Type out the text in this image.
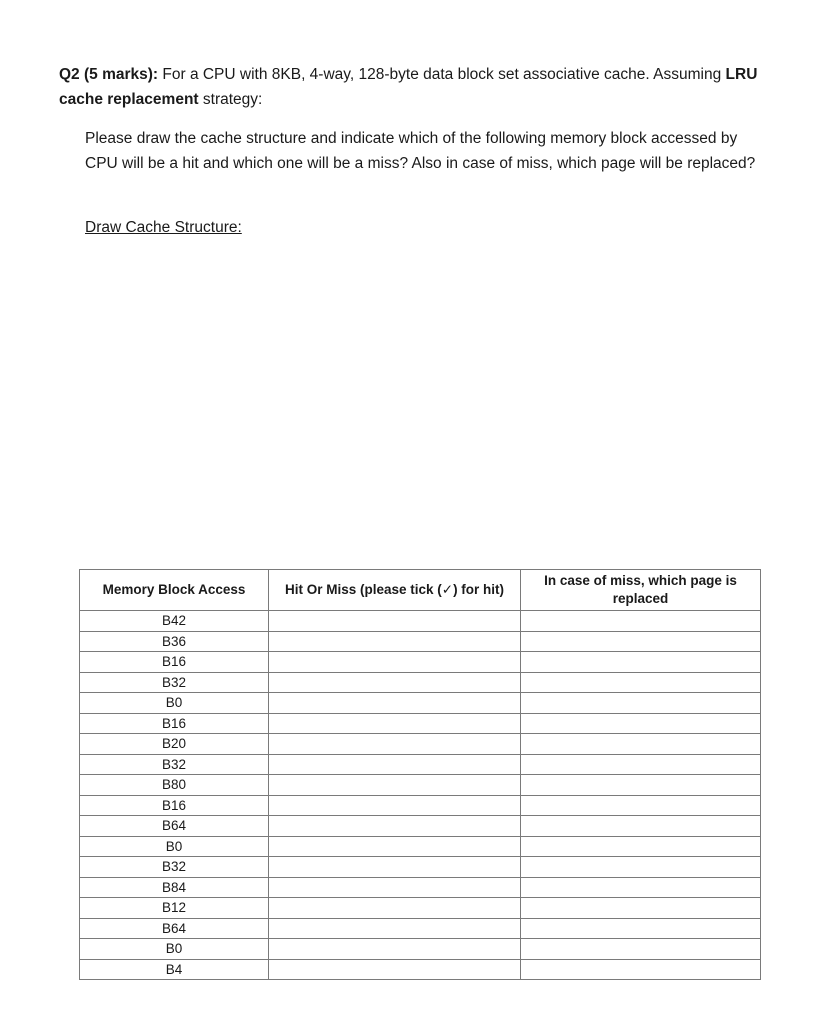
Q2 (5 marks): For a CPU with 8KB, 4-way, 128-byte data block set associative cache. Assuming LRU cache replacement strategy:
Please draw the cache structure and indicate which of the following memory block accessed by CPU will be a hit and which one will be a miss? Also in case of miss, which page will be replaced?
Draw Cache Structure:
Memory Block Access	Hit Or Miss (please tick (✓) for hit)	In case of miss, which page is replaced
B42		
B36		
B16		
B32		
B0		
B16		
B20		
B32		
B80		
B16		
B64		
B0		
B32		
B84		
B12		
B64		
B0		
B4		
